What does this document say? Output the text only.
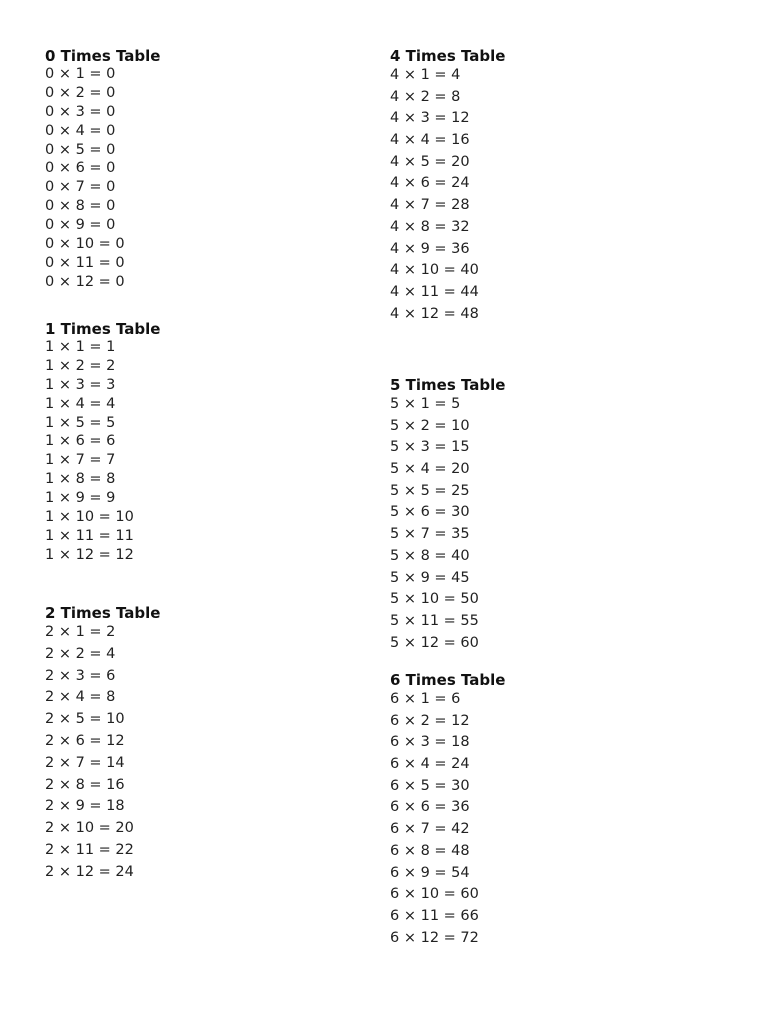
0 Times Table
0 × 1 = 0
0 × 2 = 0
0 × 3 = 0
0 × 4 = 0
0 × 5 = 0
0 × 6 = 0
0 × 7 = 0
0 × 8 = 0
0 × 9 = 0
0 × 10 = 0
0 × 11 = 0
0 × 12 = 0
1 Times Table
1 × 1 = 1
1 × 2 = 2
1 × 3 = 3
1 × 4 = 4
1 × 5 = 5
1 × 6 = 6
1 × 7 = 7
1 × 8 = 8
1 × 9 = 9
1 × 10 = 10
1 × 11 = 11
1 × 12 = 12
2 Times Table
2 × 1 = 2
2 × 2 = 4
2 × 3 = 6
2 × 4 = 8
2 × 5 = 10
2 × 6 = 12
2 × 7 = 14
2 × 8 = 16
2 × 9 = 18
2 × 10 = 20
2 × 11 = 22
2 × 12 = 24
4 Times Table
4 × 1 = 4
4 × 2 = 8
4 × 3 = 12
4 × 4 = 16
4 × 5 = 20
4 × 6 = 24
4 × 7 = 28
4 × 8 = 32
4 × 9 = 36
4 × 10 = 40
4 × 11 = 44
4 × 12 = 48
5 Times Table
5 × 1 = 5
5 × 2 = 10
5 × 3 = 15
5 × 4 = 20
5 × 5 = 25
5 × 6 = 30
5 × 7 = 35
5 × 8 = 40
5 × 9 = 45
5 × 10 = 50
5 × 11 = 55
5 × 12 = 60
6 Times Table
6 × 1 = 6
6 × 2 = 12
6 × 3 = 18
6 × 4 = 24
6 × 5 = 30
6 × 6 = 36
6 × 7 = 42
6 × 8 = 48
6 × 9 = 54
6 × 10 = 60
6 × 11 = 66
6 × 12 = 72
